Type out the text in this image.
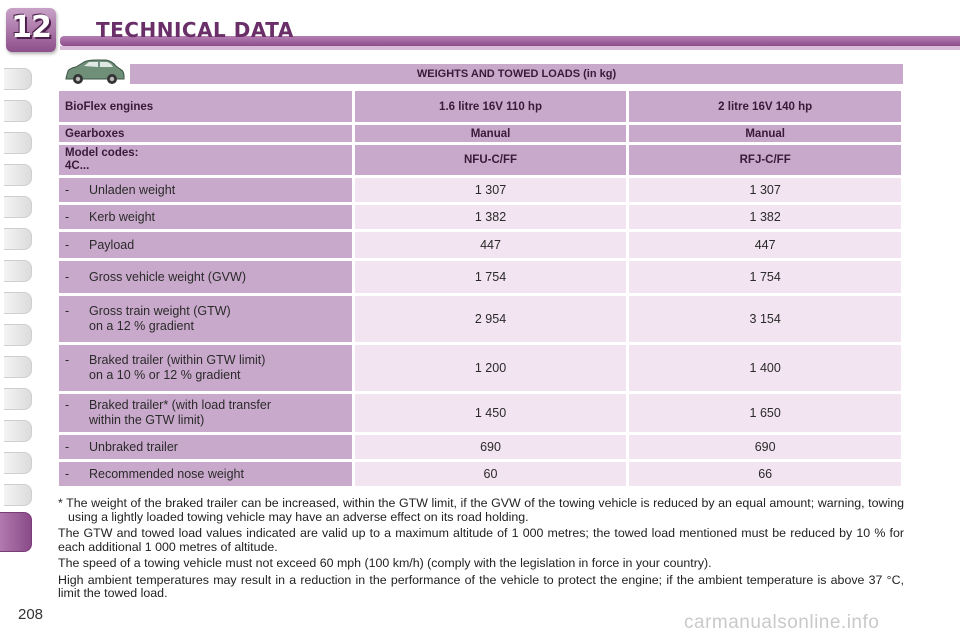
12 TECHNICAL DATA
WEIGHTS AND TOWED LOADS (in kg)
BioFlex engines	1.6 litre 16V 110 hp	2 litre 16V 140 hp
Gearboxes	Manual	Manual

Model codes:
4C...	NFU-C/FF	RFJ-C/FF
- Unladen weight	1 307	1 307
- Kerb weight	1 382	1 382
- Payload	447	447
- Gross vehicle weight (GVW)	1 754	1 754
- Gross train weight (GTW)
on a 12 % gradient	2 954	3 154
- Braked trailer (within GTW limit)
on a 10 % or 12 % gradient	1 200	1 400
- Braked trailer* (with load transfer
within the GTW limit)	1 450	1 650
- Unbraked trailer	690	690
- Recommended nose weight	60	66

* The weight of the braked trailer can be increased, within the GTW limit, if the GVW of the towing vehicle is reduced by an equal amount; warning, towing using a lightly loaded towing vehicle may have an adverse effect on its road holding.

The GTW and towed load values indicated are valid up to a maximum altitude of 1 000 metres; the towed load mentioned must be reduced by 10 % for each additional 1 000 metres of altitude.

The speed of a towing vehicle must not exceed 60 mph (100 km/h) (comply with the legislation in force in your country).

High ambient temperatures may result in a reduction in the performance of the vehicle to protect the engine; if the ambient temperature is above 37 °C, limit the towed load.

208	carmanualsonline.info
